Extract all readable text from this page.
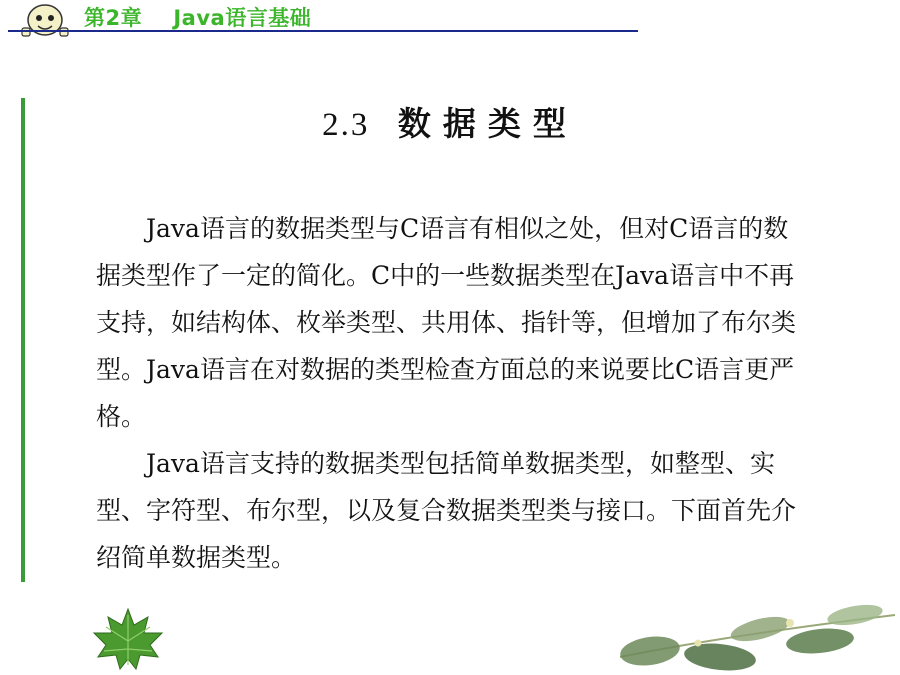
第2章    Java语言基础
2.3 数据类型

Java语言的数据类型与C语言有相似之处，但对C语言的数据类型作了一定的简化。C中的一些数据类型在Java语言中不再支持，如结构体、枚举类型、共用体、指针等，但增加了布尔类型。Java语言在对数据的类型检查方面总的来说要比C语言更严格。

Java语言支持的数据类型包括简单数据类型，如整型、实型、字符型、布尔型，以及复合数据类型类与接口。下面首先介绍简单数据类型。
